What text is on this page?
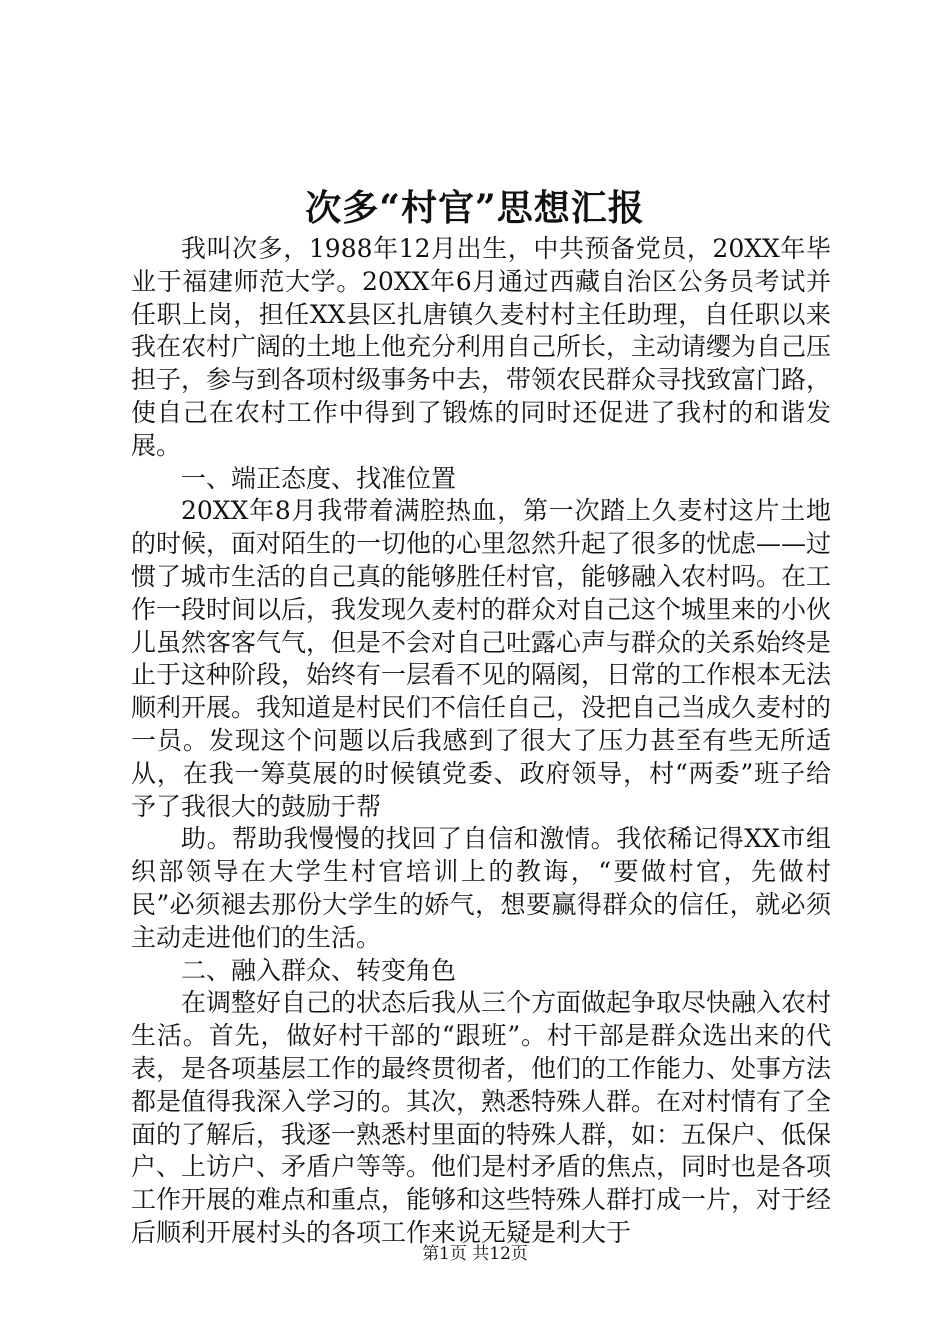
次多“村官”思想汇报

我叫次多，1988年12月出生，中共预备党员，20XX年毕业于福建师范大学。20XX年6月通过西藏自治区公务员考试并任职上岗，担任XX县区扎唐镇久麦村村主任助理，自任职以来我在农村广阔的土地上他充分利用自己所长，主动请缨为自己压担子，参与到各项村级事务中去，带领农民群众寻找致富门路，使自己在农村工作中得到了锻炼的同时还促进了我村的和谐发展。

一、端正态度、找准位置

20XX年8月我带着满腔热血，第一次踏上久麦村这片土地的时候，面对陌生的一切他的心里忽然升起了很多的忧虑——过惯了城市生活的自己真的能够胜任村官，能够融入农村吗。在工作一段时间以后，我发现久麦村的群众对自己这个城里来的小伙儿虽然客客气气，但是不会对自己吐露心声与群众的关系始终是止于这种阶段，始终有一层看不见的隔阂，日常的工作根本无法顺利开展。我知道是村民们不信任自己，没把自己当成久麦村的一员。发现这个问题以后我感到了很大了压力甚至有些无所适从，在我一筹莫展的时候镇党委、政府领导，村“两委”班子给予了我很大的鼓励于帮

助。帮助我慢慢的找回了自信和激情。我依稀记得XX市组织部领导在大学生村官培训上的教诲，“要做村官，先做村民”必须褪去那份大学生的娇气，想要赢得群众的信任，就必须主动走进他们的生活。

二、融入群众、转变角色

在调整好自己的状态后我从三个方面做起争取尽快融入农村生活。首先，做好村干部的“跟班”。村干部是群众选出来的代表，是各项基层工作的最终贯彻者，他们的工作能力、处事方法都是值得我深入学习的。其次，熟悉特殊人群。在对村情有了全面的了解后，我逐一熟悉村里面的特殊人群，如：五保户、低保户、上访户、矛盾户等等。他们是村矛盾的焦点，同时也是各项工作开展的难点和重点，能够和这些特殊人群打成一片，对于经后顺利开展村头的各项工作来说无疑是利大于

第1页 共12页
